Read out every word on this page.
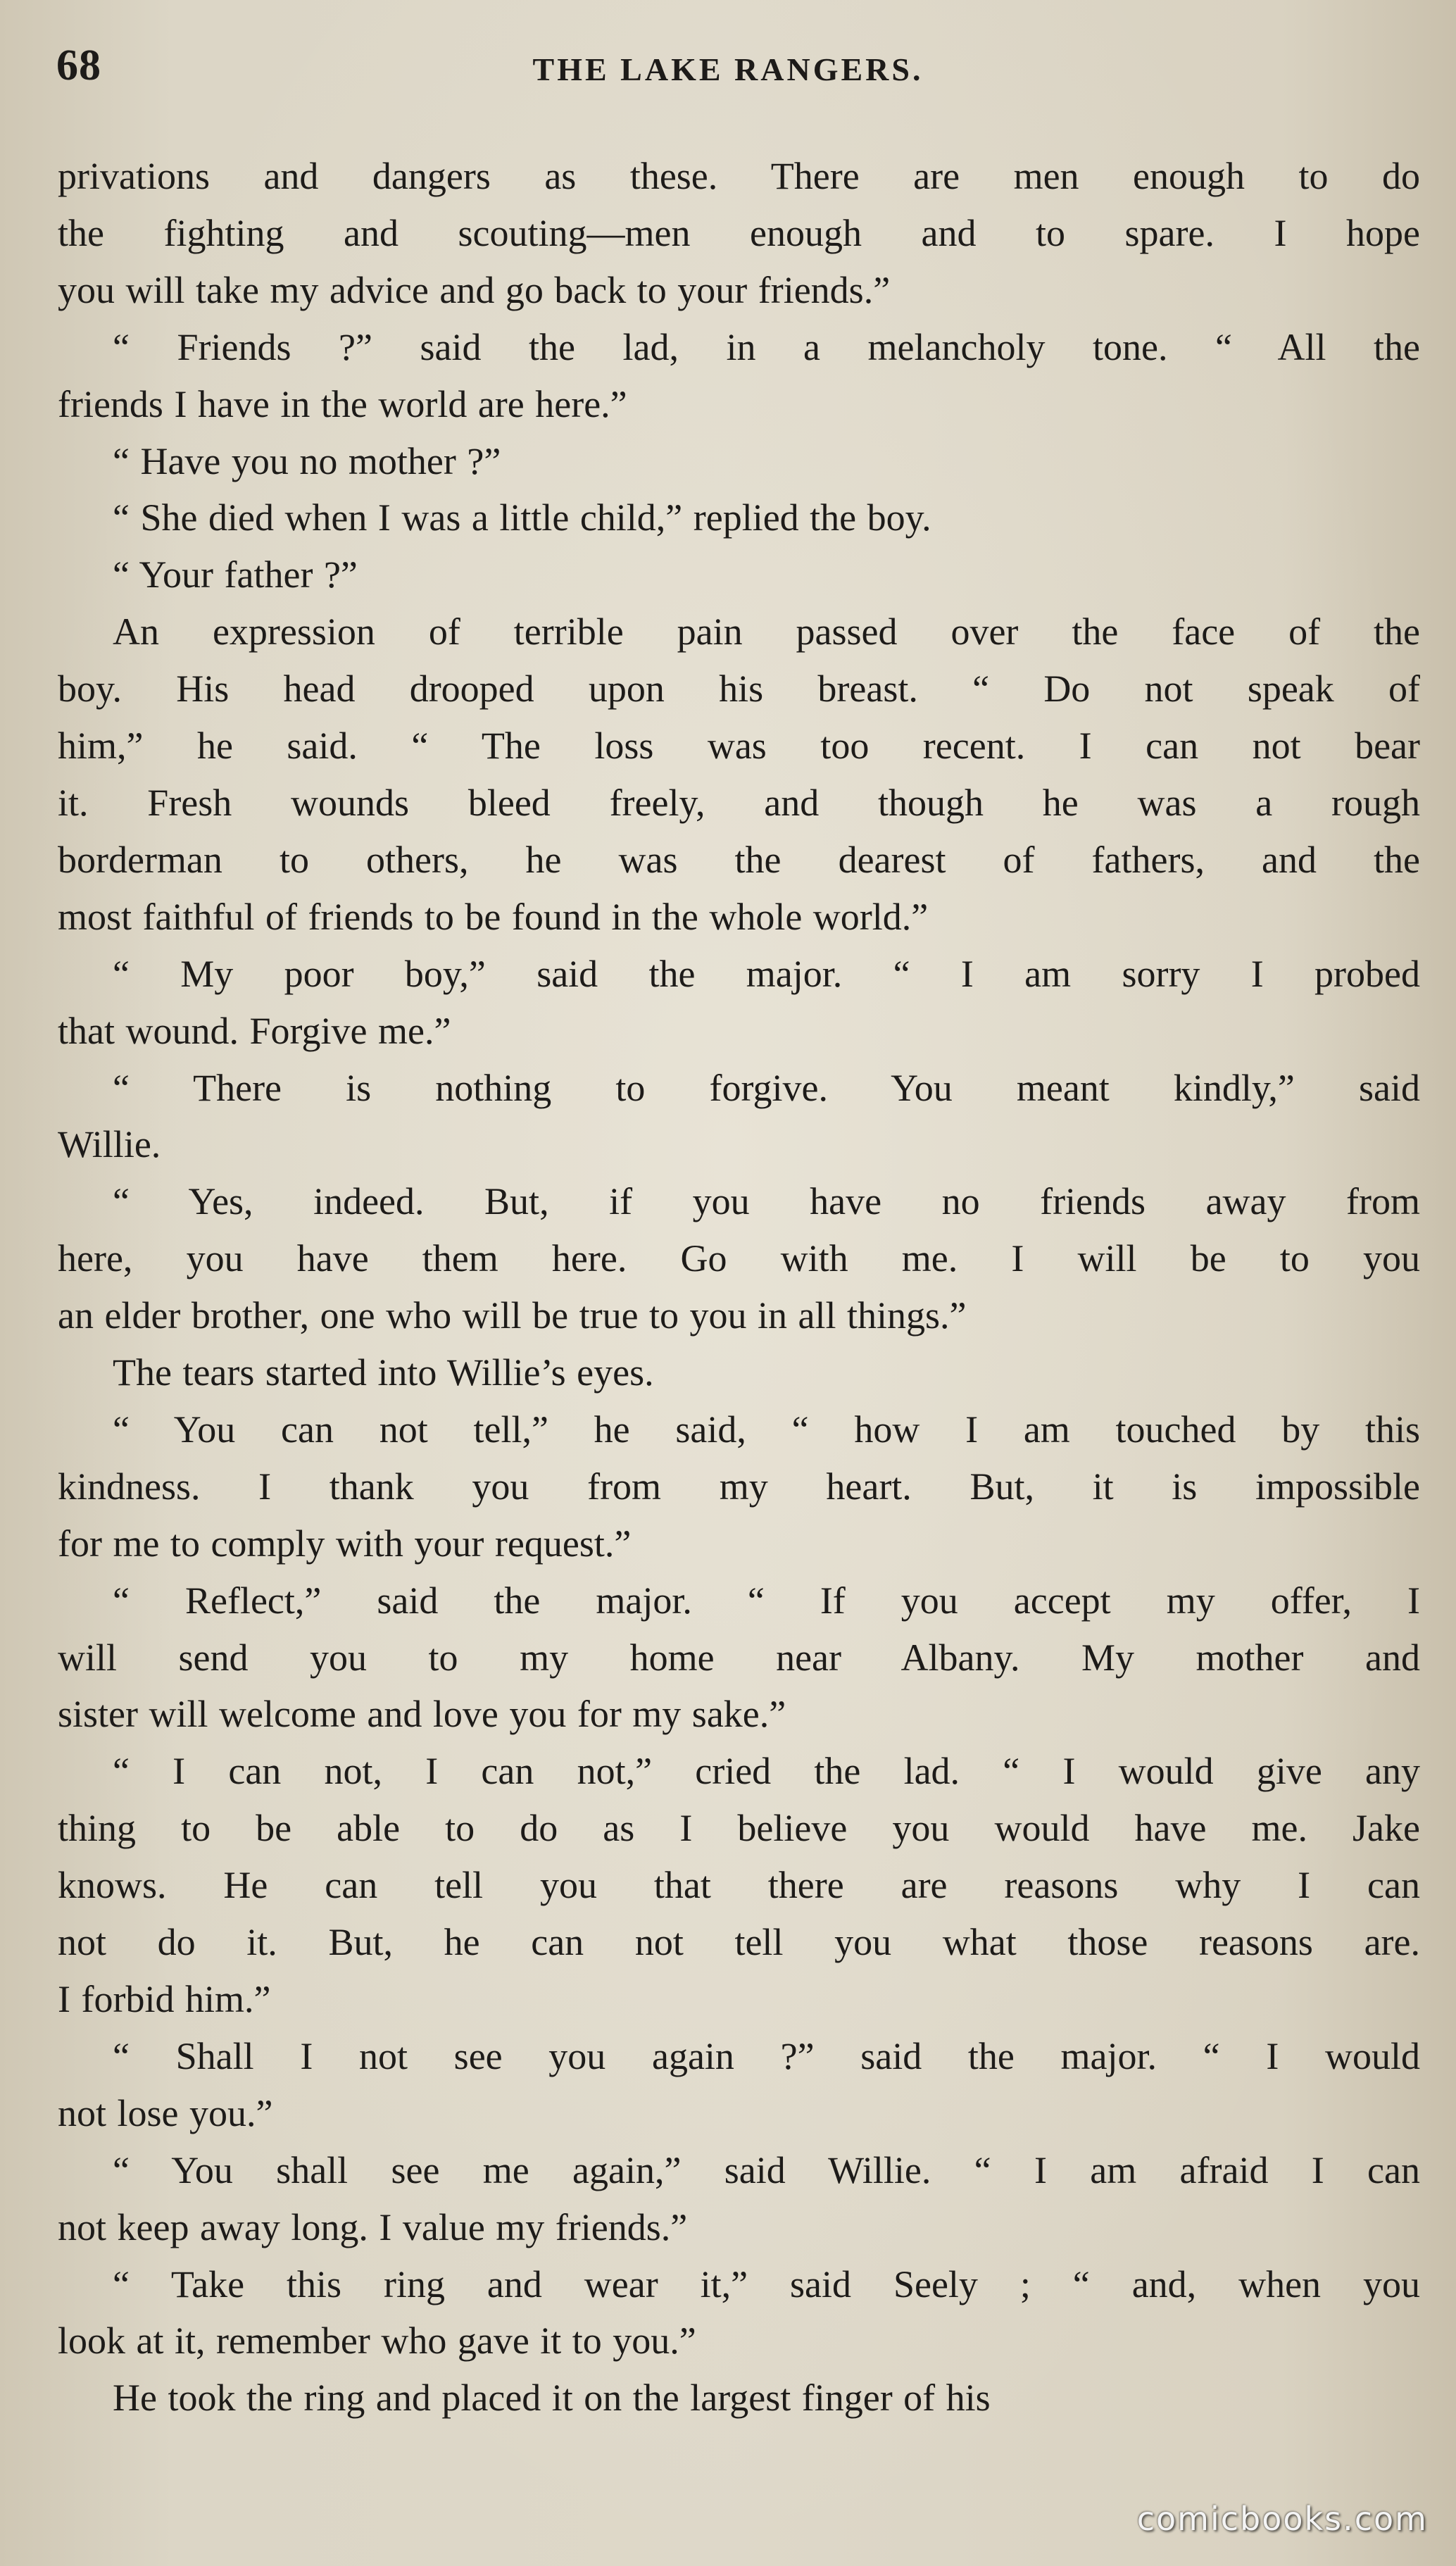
68	THE LAKE RANGERS.

privations and dangers as these. There are men enough to do

the fighting and scouting—men enough and to spare. I hope

you will take my advice and go back to your friends.”

“ Friends ?” said the lad, in a melancholy tone. “ All the

friends I have in the world are here.”

“ Have you no mother ?”

“ She died when I was a little child,” replied the boy.

“ Your father ?”

An expression of terrible pain passed over the face of the

boy. His head drooped upon his breast. “ Do not speak of

him,” he said. “ The loss was too recent. I can not bear

it. Fresh wounds bleed freely, and though he was a rough

borderman to others, he was the dearest of fathers, and the

most faithful of friends to be found in the whole world.”

“ My poor boy,” said the major. “ I am sorry I probed

that wound. Forgive me.”

“ There is nothing to forgive. You meant kindly,” said

Willie.

“ Yes, indeed. But, if you have no friends away from

here, you have them here. Go with me. I will be to you

an elder brother, one who will be true to you in all things.”

The tears started into Willie’s eyes.

“ You can not tell,” he said, “ how I am touched by this

kindness. I thank you from my heart. But, it is impossible

for me to comply with your request.”

“ Reflect,” said the major. “ If you accept my offer, I

will send you to my home near Albany. My mother and

sister will welcome and love you for my sake.”

“ I can not, I can not,” cried the lad. “ I would give any

thing to be able to do as I believe you would have me. Jake

knows. He can tell you that there are reasons why I can

not do it. But, he can not tell you what those reasons are.

I forbid him.”

“ Shall I not see you again ?” said the major. “ I would

not lose you.”

“ You shall see me again,” said Willie. “ I am afraid I can

not keep away long. I value my friends.”

“ Take this ring and wear it,” said Seely ; “ and, when you

look at it, remember who gave it to you.”

He took the ring and placed it on the largest finger of his

comicbooks.com
